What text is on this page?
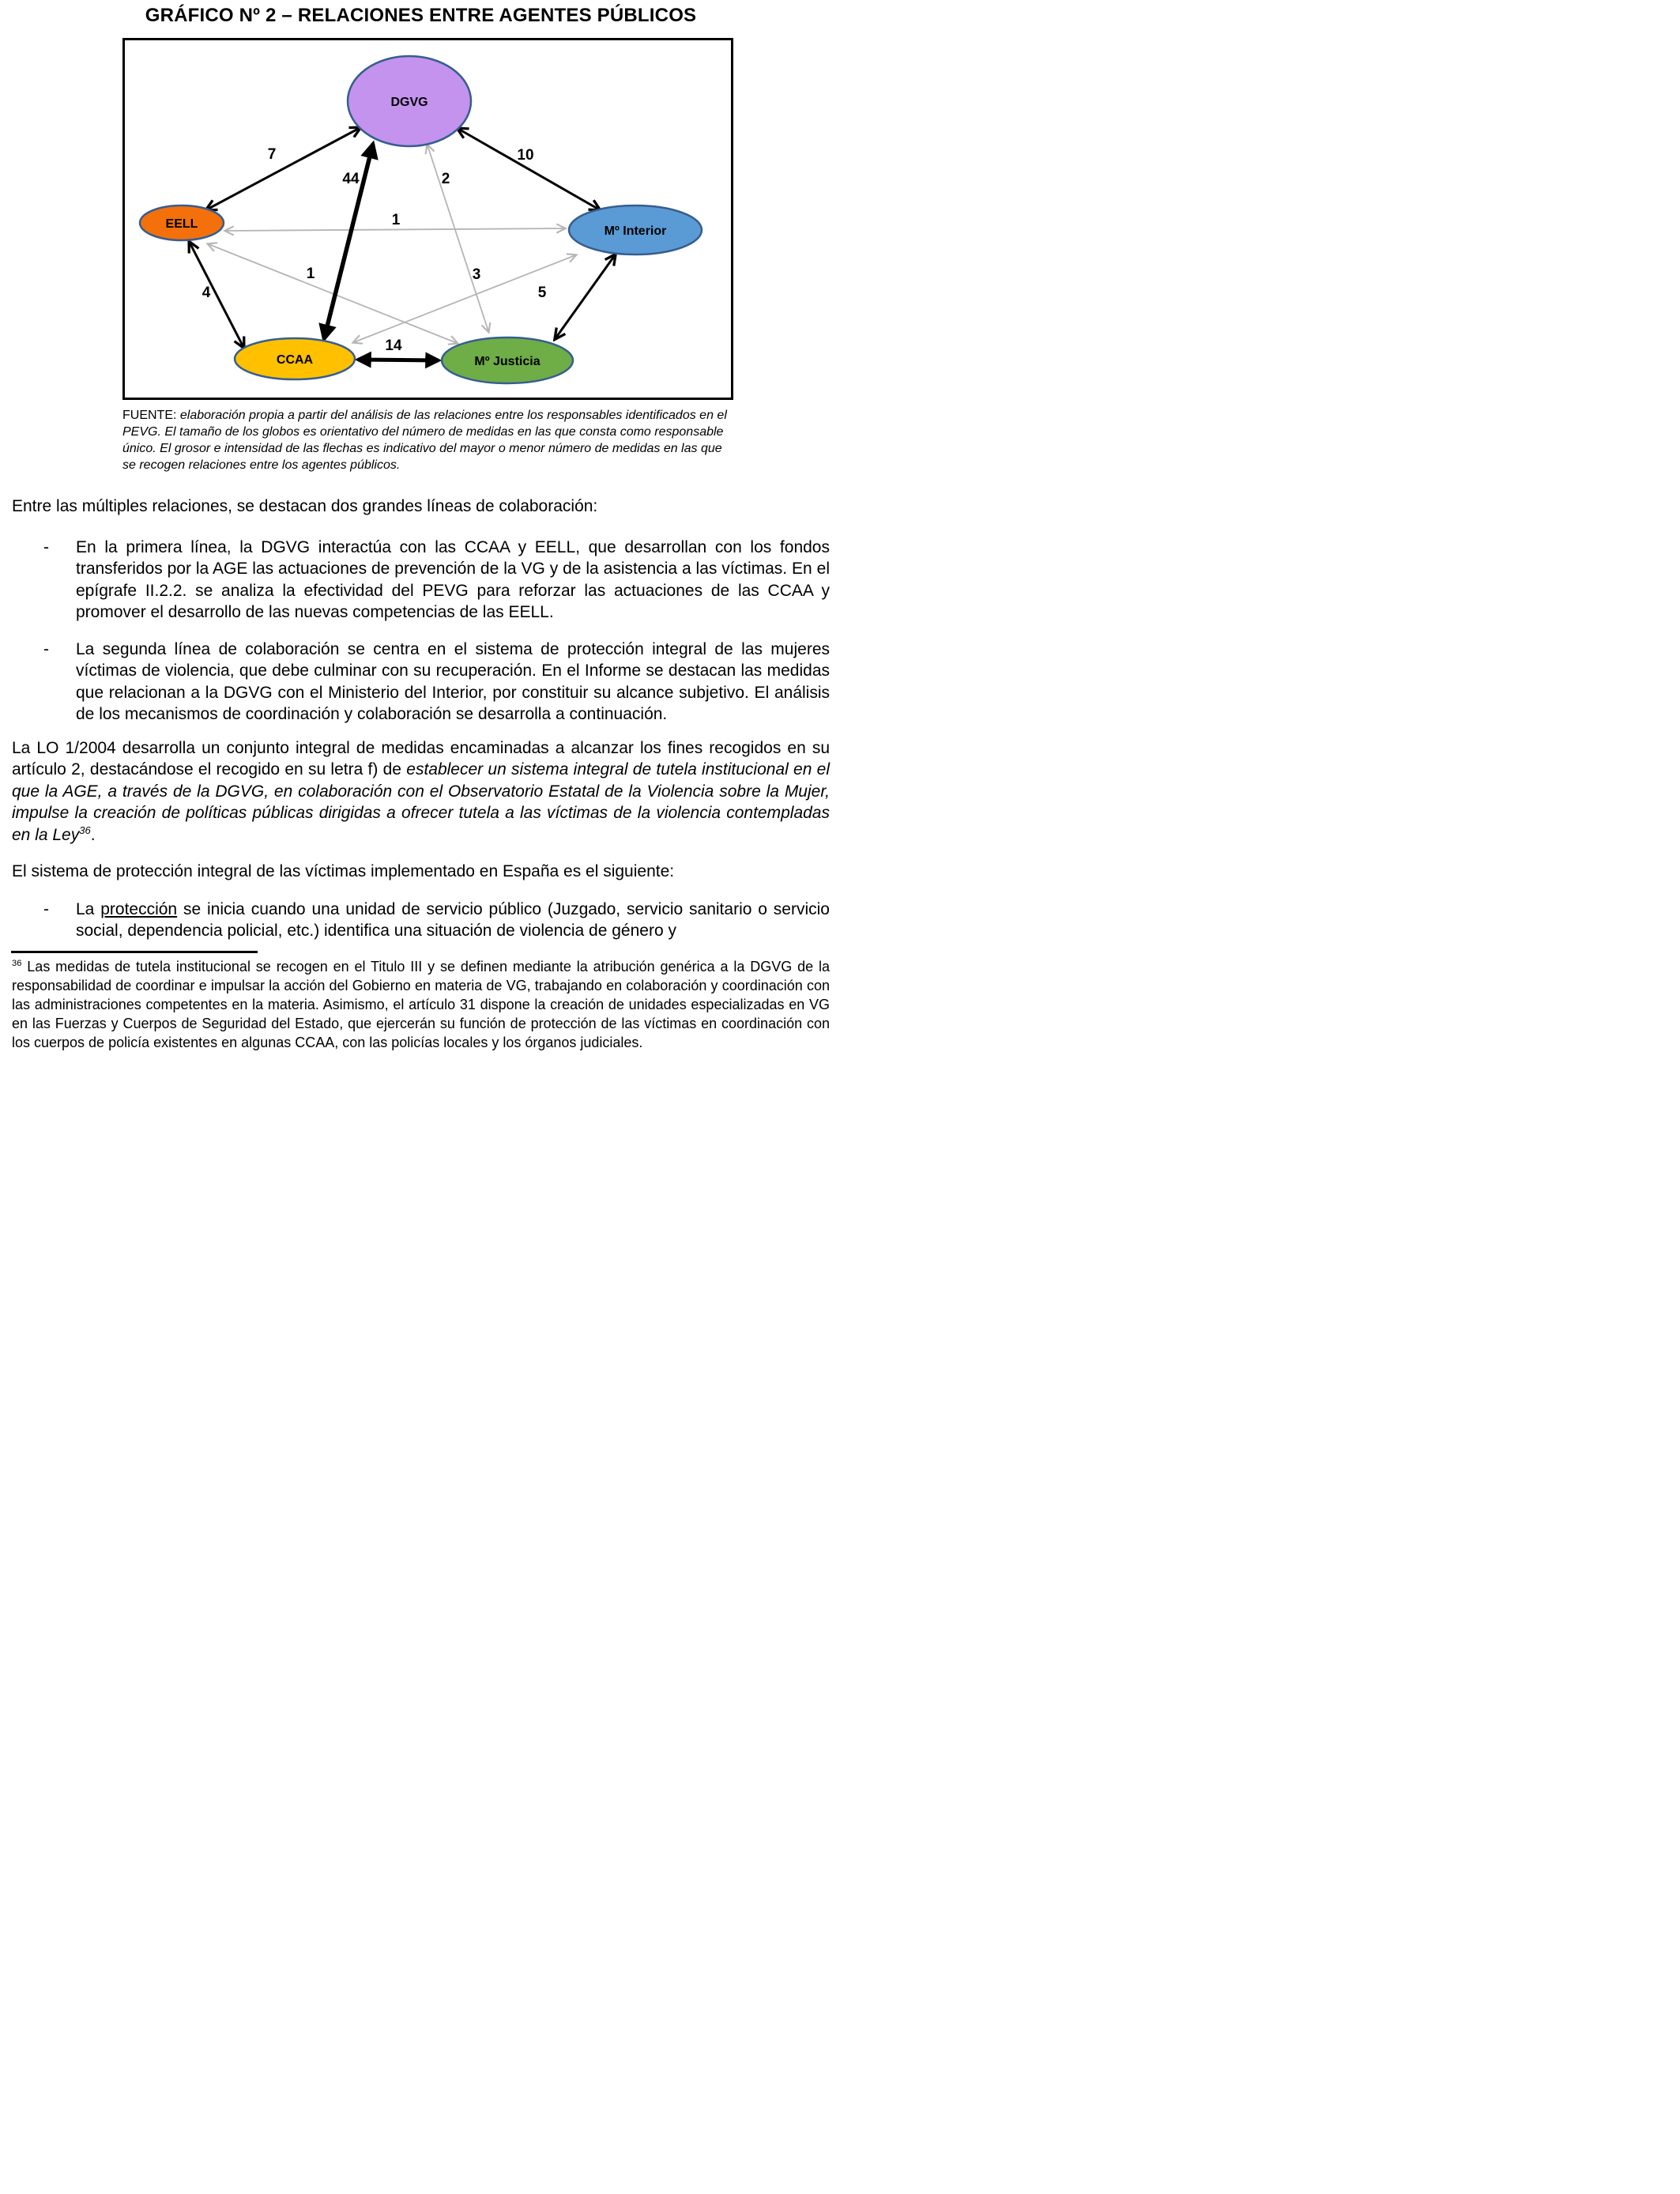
GRÁFICO Nº 2 – RELACIONES ENTRE AGENTES PÚBLICOS
7	10
44	2
1
1	3
4	5
14
DGVG
EELL
Mº Interior
CCAA	Mº Justicia

FUENTE: elaboración propia a partir del análisis de las relaciones entre los responsables identificados en el PEVG. El tamaño de los globos es orientativo del número de medidas en las que consta como responsable único. El grosor e intensidad de las flechas es indicativo del mayor o menor número de medidas en las que se recogen relaciones entre los agentes públicos.

Entre las múltiples relaciones, se destacan dos grandes líneas de colaboración:

- En la primera línea, la DGVG interactúa con las CCAA y EELL, que desarrollan con los fondos transferidos por la AGE las actuaciones de prevención de la VG y de la asistencia a las víctimas. En el epígrafe II.2.2. se analiza la efectividad del PEVG para reforzar las actuaciones de las CCAA y promover el desarrollo de las nuevas competencias de las EELL.

- La segunda línea de colaboración se centra en el sistema de protección integral de las mujeres víctimas de violencia, que debe culminar con su recuperación. En el Informe se destacan las medidas que relacionan a la DGVG con el Ministerio del Interior, por constituir su alcance subjetivo. El análisis de los mecanismos de coordinación y colaboración se desarrolla a continuación.

La LO 1/2004 desarrolla un conjunto integral de medidas encaminadas a alcanzar los fines recogidos en su artículo 2, destacándose el recogido en su letra f) de establecer un sistema integral de tutela institucional en el que la AGE, a través de la DGVG, en colaboración con el Observatorio Estatal de la Violencia sobre la Mujer, impulse la creación de políticas públicas dirigidas a ofrecer tutela a las víctimas de la violencia contempladas en la Ley$^{36}$.

El sistema de protección integral de las víctimas implementado en España es el siguiente:

- La protección se inicia cuando una unidad de servicio público (Juzgado, servicio sanitario o servicio social, dependencia policial, etc.) identifica una situación de violencia de género y

$^{36}$ Las medidas de tutela institucional se recogen en el Titulo III y se definen mediante la atribución genérica a la DGVG de la responsabilidad de coordinar e impulsar la acción del Gobierno en materia de VG, trabajando en colaboración y coordinación con las administraciones competentes en la materia. Asimismo, el artículo 31 dispone la creación de unidades especializadas en VG en las Fuerzas y Cuerpos de Seguridad del Estado, que ejercerán su función de protección de las víctimas en coordinación con los cuerpos de policía existentes en algunas CCAA, con las policías locales y los órganos judiciales.
